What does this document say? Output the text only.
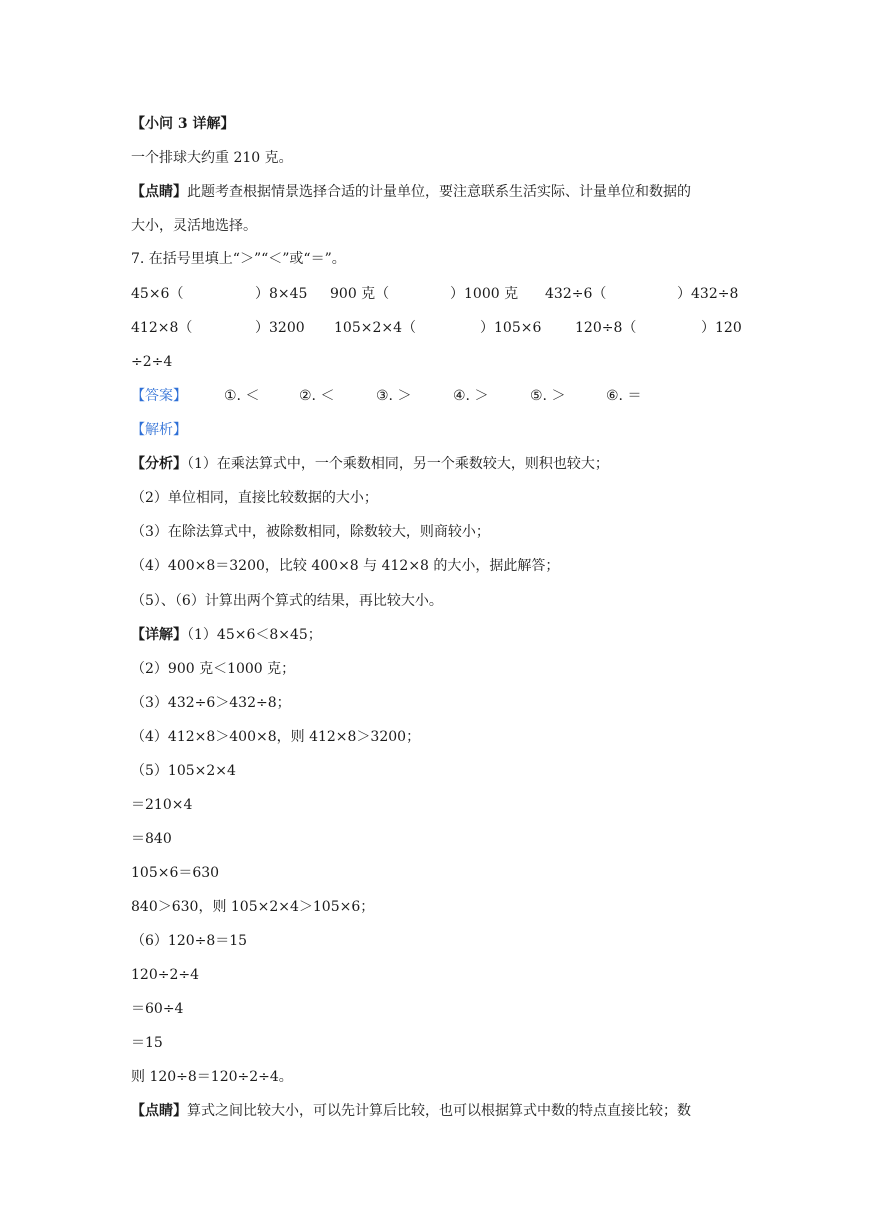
【小问 3 详解】
一个排球大约重 210 克。
【点睛】此题考查根据情景选择合适的计量单位，要注意联系生活实际、计量单位和数据的
大小，灵活地选择。
7. 在括号里填上“＞”“＜”或“＝”。
45×6（	）8×45 900 克（	）1000 克 432÷6（	）432÷8
412×8（	）3200 105×2×4（	）105×6 120÷8（	）120
÷2÷4
【答案】	①. ＜	②. ＜	③. ＞	④. ＞	⑤. ＞	⑥. ＝
【解析】
【分析】（1）在乘法算式中，一个乘数相同，另一个乘数较大，则积也较大；
（2）单位相同，直接比较数据的大小；
（3）在除法算式中，被除数相同，除数较大，则商较小；
（4）400×8＝3200，比较 400×8 与 412×8 的大小，据此解答；
（5）、（6）计算出两个算式的结果，再比较大小。
【详解】（1）45×6＜8×45；
（2）900 克＜1000 克；
（3）432÷6＞432÷8；
（4）412×8＞400×8，则 412×8＞3200；
（5）105×2×4
＝210×4
＝840
105×6＝630
840＞630，则 105×2×4＞105×6；
（6）120÷8＝15
120÷2÷4
＝60÷4
＝15
则 120÷8＝120÷2÷4。
【点睛】算式之间比较大小，可以先计算后比较，也可以根据算式中数的特点直接比较；数
